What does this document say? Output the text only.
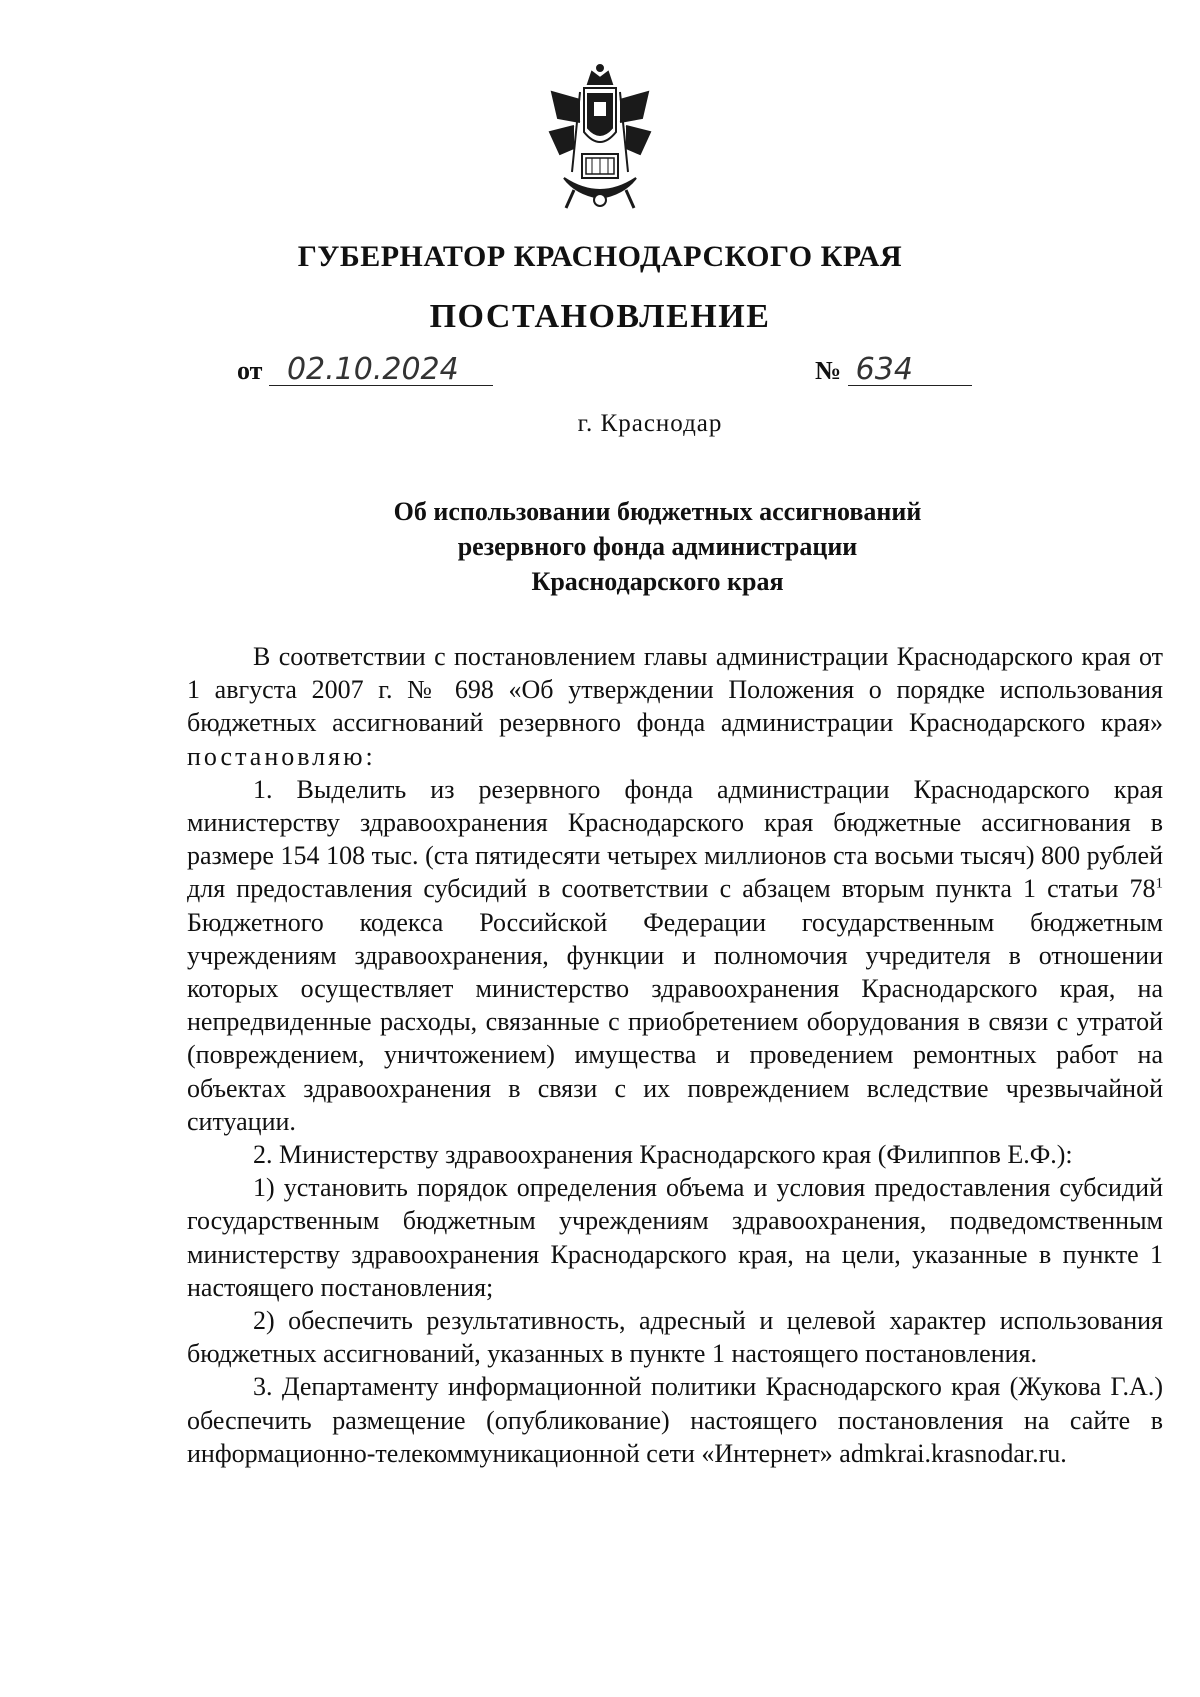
ГУБЕРНАТОР КРАСНОДАРСКОГО КРАЯ
ПОСТАНОВЛЕНИЕ
от 02.10.2024	№ 634
г. Краснодар
Об использовании бюджетных ассигнований
резервного фонда администрации
Краснодарского края

В соответствии с постановлением главы администрации Краснодарского края от 1 августа 2007 г. № 698 «Об утверждении Положения о порядке использования бюджетных ассигнований резервного фонда администрации Краснодарского края» постановляю:

1. Выделить из резервного фонда администрации Краснодарского края министерству здравоохранения Краснодарского края бюджетные ассигнования в размере 154 108 тыс. (ста пятидесяти четырех миллионов ста восьми тысяч) 800 рублей для предоставления субсидий в соответствии с абзацем вторым пункта 1 статьи $78^1$ Бюджетного кодекса Российской Федерации государственным бюджетным учреждениям здравоохранения, функции и полномочия учредителя в отношении которых осуществляет министерство здравоохранения Краснодарского края, на непредвиденные расходы, связанные с приобретением оборудования в связи с утратой (повреждением, уничтожением) имущества и проведением ремонтных работ на объектах здравоохранения в связи с их повреждением вследствие чрезвычайной ситуации.

2. Министерству здравоохранения Краснодарского края (Филиппов Е.Ф.):

1) установить порядок определения объема и условия предоставления субсидий государственным бюджетным учреждениям здравоохранения, подведомственным министерству здравоохранения Краснодарского края, на цели, указанные в пункте 1 настоящего постановления;

2) обеспечить результативность, адресный и целевой характер использования бюджетных ассигнований, указанных в пункте 1 настоящего постановления.

3. Департаменту информационной политики Краснодарского края (Жукова Г.А.) обеспечить размещение (опубликование) настоящего постановления на сайте в информационно-телекоммуникационной сети «Интернет» admkrai.krasnodar.ru.
